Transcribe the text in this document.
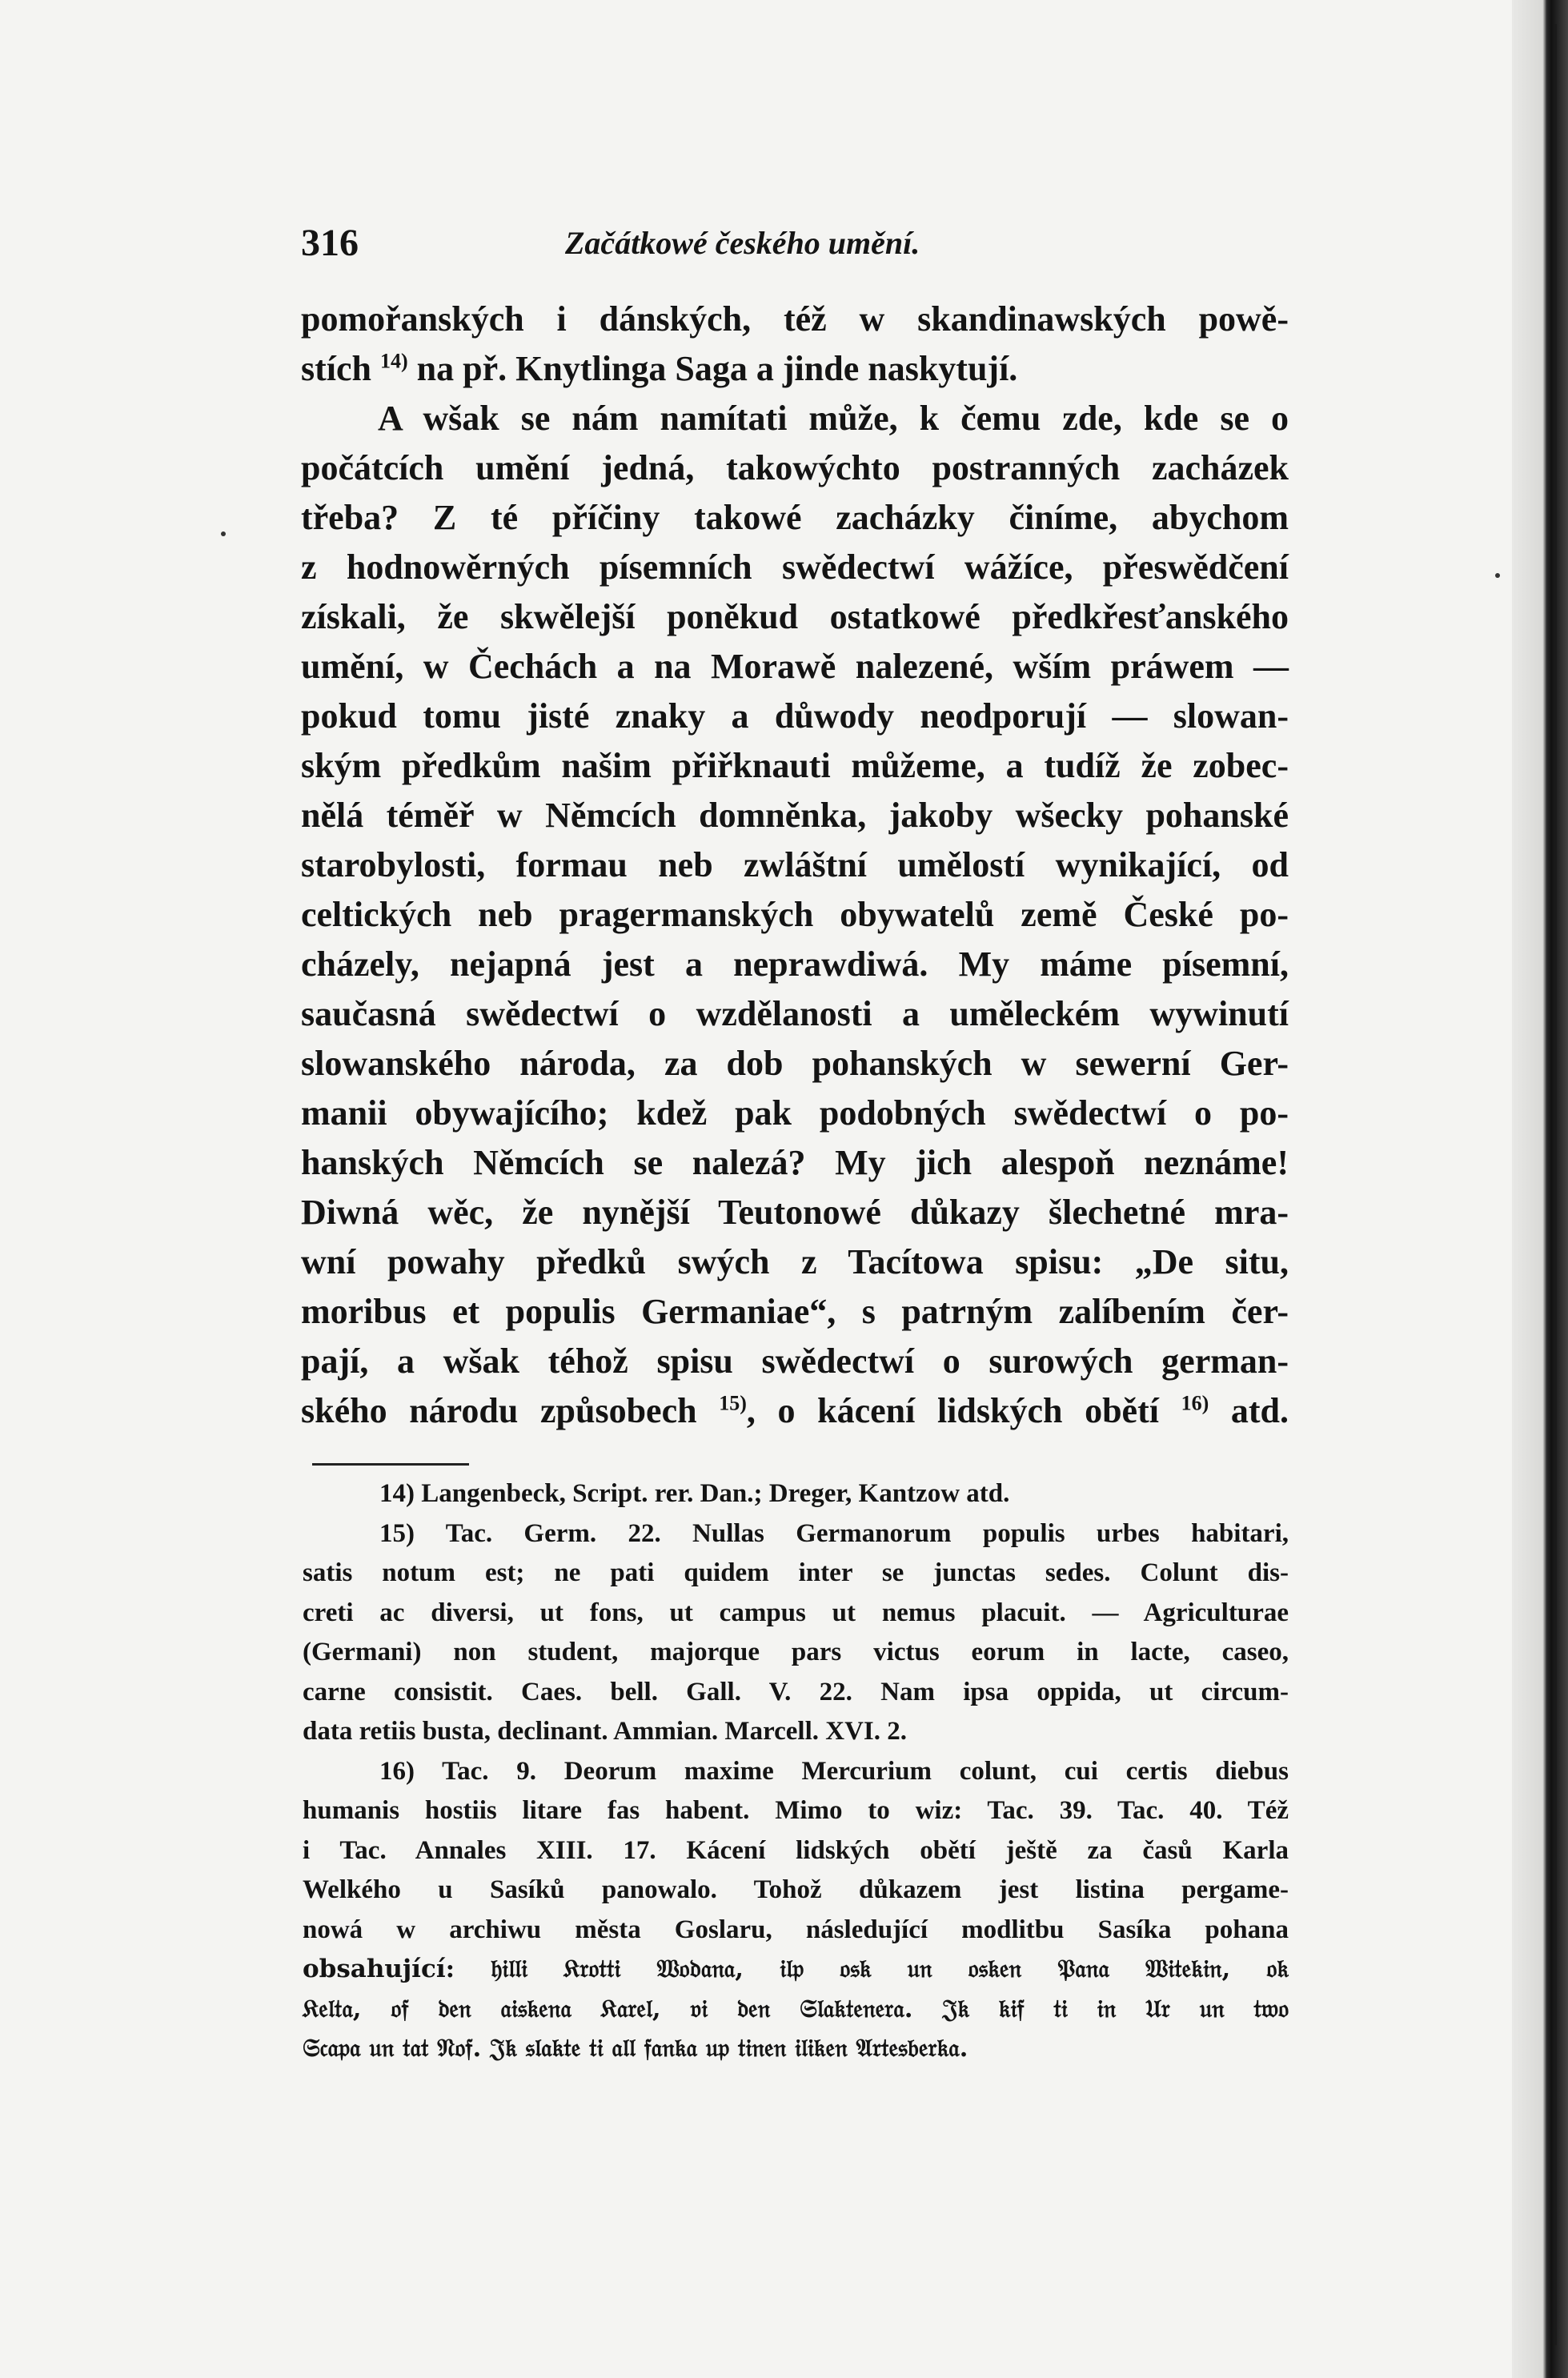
316	Začátkowé českého umění.
pomořanských i dánských, též w skandinawských powě-
stích $^{14)}$ na př. Knytlinga Saga a jinde naskytují.
A wšak se nám namítati může, k čemu zde, kde se o
počátcích umění jedná, takowýchto postranných zacházek
třeba? Z té příčiny takowé zacházky činíme, abychom
z hodnowěrných písemních swědectwí wážíce, přeswědčení
získali, že skwělejší poněkud ostatkowé předkřesťanského
umění, w Čechách a na Morawě nalezené, wším práwem —
pokud tomu jisté znaky a důwody neodporují — slowan-
ským předkům našim přiřknauti můžeme, a tudíž že zobec-
nělá téměř w Němcích domněnka, jakoby wšecky pohanské
starobylosti, formau neb zwláštní umělostí wynikající, od
celtických neb pragermanských obywatelů země České po-
cházely, nejapná jest a neprawdiwá. My máme písemní,
saučasná swědectwí o wzdělanosti a uměleckém wywinutí
slowanského národa, za dob pohanských w sewerní Ger-
manii obywajícího; kdež pak podobných swědectwí o po-
hanských Němcích se nalezá? My jich alespoň neznáme!
Diwná wěc, že nynější Teutonowé důkazy šlechetné mra-
wní powahy předků swých z Tacítowa spisu: „De situ,
moribus et populis Germaniae“, s patrným zalíbením čer-
pají, a wšak téhož spisu swědectwí o surowých german-
ského národu způsobech $^{15)}$, o kácení lidských obětí $^{16)}$ atd.
14) Langenbeck, Script. rer. Dan.; Dreger, Kantzow atd.
15) Tac. Germ. 22. Nullas Germanorum populis urbes habitari,
satis notum est; ne pati quidem inter se junctas sedes. Colunt dis-
creti ac diversi, ut fons, ut campus ut nemus placuit. — Agriculturae
(Germani) non student, majorque pars victus eorum in lacte, caseo,
carne consistit. Caes. bell. Gall. V. 22. Nam ipsa oppida, ut circum-
data retiis busta, declinant. Ammian. Marcell. XVI. 2.
16) Tac. 9. Deorum maxime Mercurium colunt, cui certis diebus
humanis hostiis litare fas habent. Mimo to wiz: Tac. 39. Tac. 40. Též
i Tac. Annales XIII. 17. Kácení lidských obětí ještě za časů Karla
Welkého u Sasíků panowalo. Tohož důkazem jest listina pergame-
nowá w archiwu města Goslaru, následující modlitbu Sasíka pohana
obsahující: 𝔥𝔦𝔩𝔩𝔦 𝔎𝔯𝔬𝔱𝔱𝔦 𝔚𝔬𝔡𝔞𝔫𝔞, 𝔦𝔩𝔭 𝔬𝔰𝔨 𝔲𝔫 𝔬𝔰𝔨𝔢𝔫 𝔓𝔞𝔫𝔞 𝔚𝔦𝔱𝔢𝔨𝔦𝔫, 𝔬𝔨
𝔎𝔢𝔩𝔱𝔞, 𝔬𝔣 𝔡𝔢𝔫 𝔞𝔦𝔰𝔨𝔢𝔫𝔞 𝔎𝔞𝔯𝔢𝔩, 𝔳𝔦 𝔡𝔢𝔫 𝔖𝔩𝔞𝔨𝔱𝔢𝔫𝔢𝔯𝔞. 𝔍𝔨 𝔨𝔦𝔣 𝔱𝔦 𝔦𝔫 𝔘𝔯 𝔲𝔫 𝔱𝔴𝔬
𝔖𝔠𝔞𝔭𝔞 𝔲𝔫 𝔱𝔞𝔱 𝔑𝔬𝔣. 𝔍𝔨 𝔰𝔩𝔞𝔨𝔱𝔢 𝔱𝔦 𝔞𝔩𝔩 𝔣𝔞𝔫𝔨𝔞 𝔲𝔭 𝔱𝔦𝔫𝔢𝔫 𝔦𝔩𝔦𝔨𝔢𝔫 𝔄𝔯𝔱𝔢𝔰𝔟𝔢𝔯𝔨𝔞.
